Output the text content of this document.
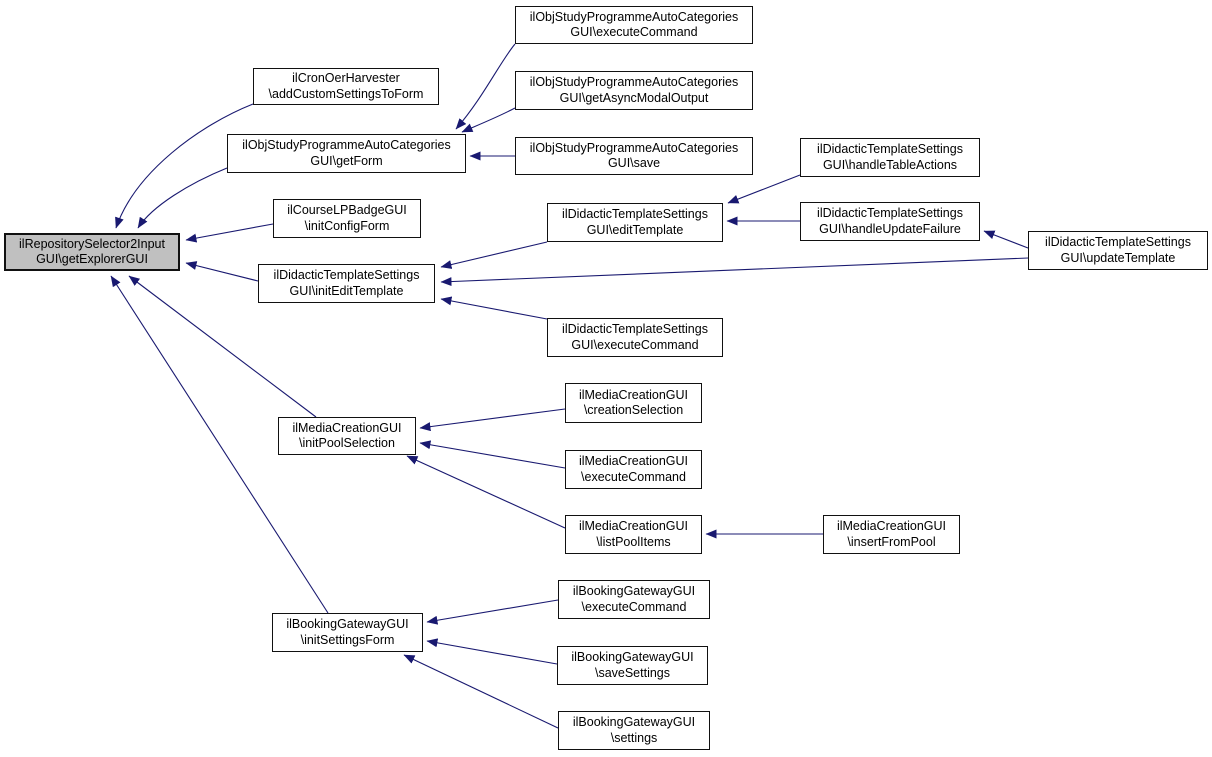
ilRepositorySelector2Input
GUI\getExplorerGUI
ilCronOerHarvester
\addCustomSettingsToForm
ilObjStudyProgrammeAutoCategories
GUI\getForm
ilObjStudyProgrammeAutoCategories
GUI\executeCommand
ilObjStudyProgrammeAutoCategories
GUI\getAsyncModalOutput
ilObjStudyProgrammeAutoCategories
GUI\save
ilCourseLPBadgeGUI
\initConfigForm
ilDidacticTemplateSettings
GUI\initEditTemplate
ilDidacticTemplateSettings
GUI\editTemplate
ilDidacticTemplateSettings
GUI\handleTableActions
ilDidacticTemplateSettings
GUI\handleUpdateFailure
ilDidacticTemplateSettings
GUI\updateTemplate
ilDidacticTemplateSettings
GUI\executeCommand
ilMediaCreationGUI
\initPoolSelection
ilMediaCreationGUI
\creationSelection
ilMediaCreationGUI
\executeCommand
ilMediaCreationGUI
\listPoolItems
ilMediaCreationGUI
\insertFromPool
ilBookingGatewayGUI
\initSettingsForm
ilBookingGatewayGUI
\executeCommand
ilBookingGatewayGUI
\saveSettings
ilBookingGatewayGUI
\settings
